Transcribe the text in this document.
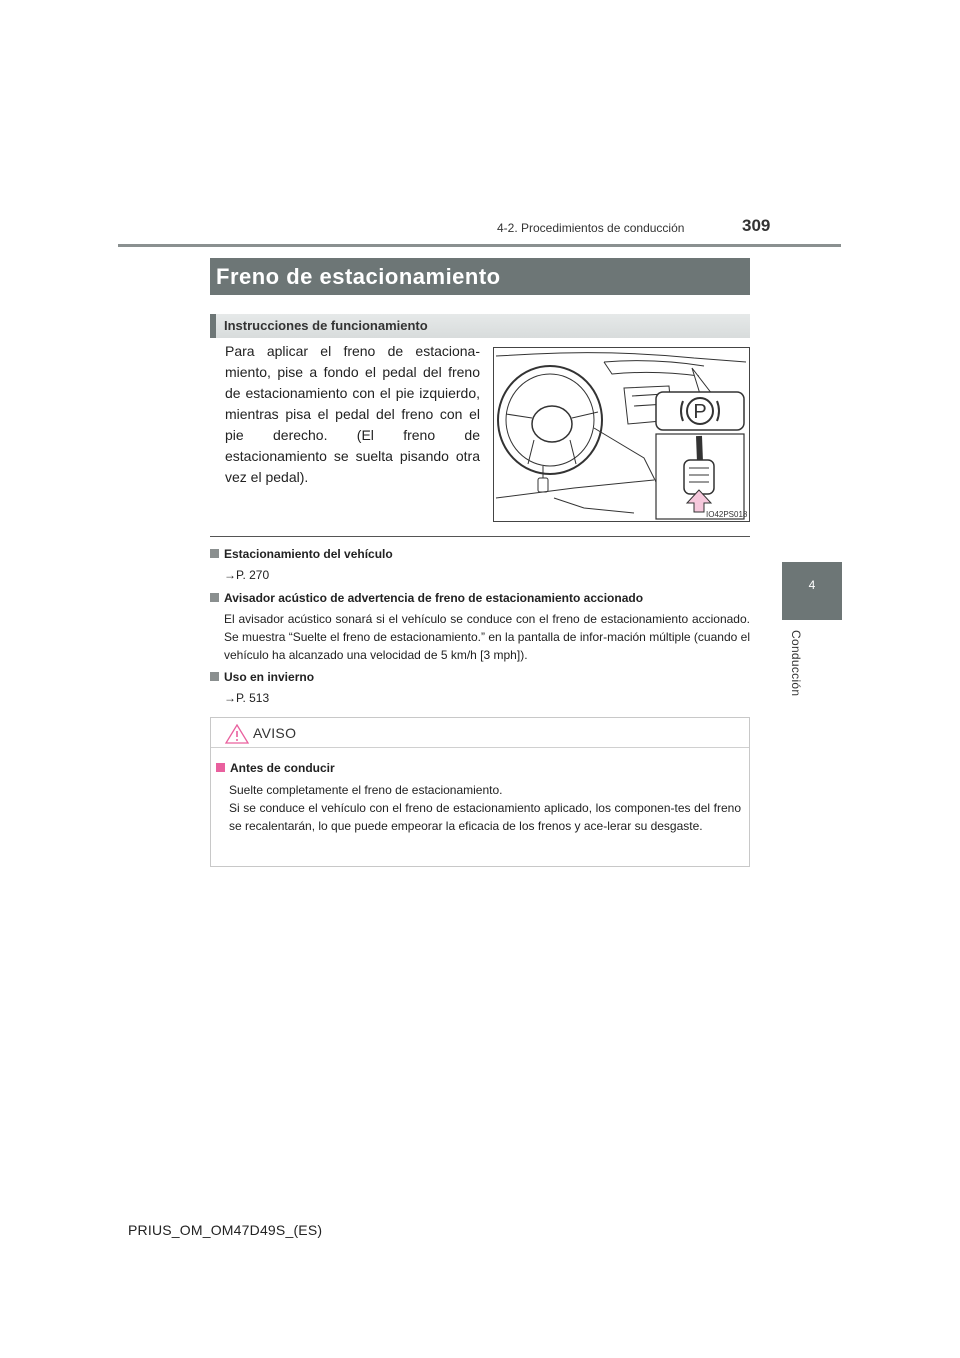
4-2. Procedimientos de conducción	309
4
Conducción
Freno de estacionamiento
Instrucciones de funcionamiento

Para aplicar el freno de estaciona-miento, pise a fondo el pedal del freno de estacionamiento con el pie izquierdo, mientras pisa el pedal del freno con el pie derecho. (El freno de estacionamiento se suelta pisando otra vez el pedal).

P
IO42PS018
Estacionamiento del vehículo
→P. 270
Avisador acústico de advertencia de freno de estacionamiento accionado
El avisador acústico sonará si el vehículo se conduce con el freno de estacionamiento accionado. Se muestra “Suelte el freno de estacionamiento.” en la pantalla de infor-mación múltiple (cuando el vehículo ha alcanzado una velocidad de 5 km/h [3 mph]).
Uso en invierno
→P. 513
AVISO
Antes de conducir
Suelte completamente el freno de estacionamiento.
Si se conduce el vehículo con el freno de estacionamiento aplicado, los componen-tes del freno se recalentarán, lo que puede empeorar la eficacia de los frenos y ace-lerar su desgaste.
PRIUS_OM_OM47D49S_(ES)
